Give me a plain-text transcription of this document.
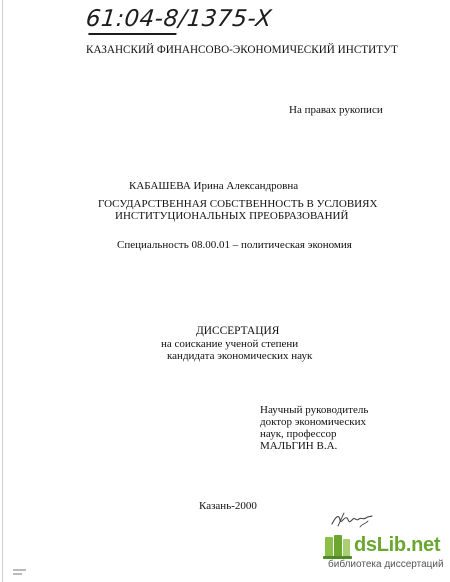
61:04-8/1375-X
КАЗАНСКИЙ ФИНАНСОВО-ЭКОНОМИЧЕСКИЙ ИНСТИТУТ
На правах рукописи
КАБАШЕВА Ирина Александровна
ГОСУДАРСТВЕННАЯ СОБСТВЕННОСТЬ В УСЛОВИЯХ
ИНСТИТУЦИОНАЛЬНЫХ ПРЕОБРАЗОВАНИЙ
Специальность 08.00.01 – политическая экономия
ДИССЕРТАЦИЯ
на соискание ученой степени
кандидата экономических наук
Научный руководитель
доктор экономических
наук, профессор
МАЛЬГИН В.А.
Казань-2000
dsLib.net
библиотека диссертаций
